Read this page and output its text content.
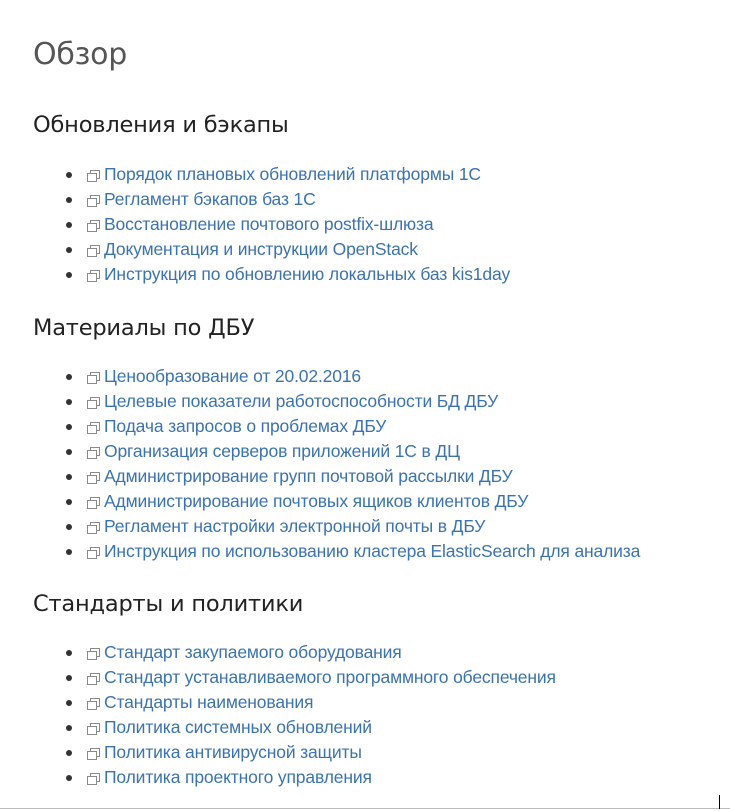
Обзор
Обновления и бэкапы
Порядок плановых обновлений платформы 1С
Регламент бэкапов баз 1С
Восстановление почтового postfix-шлюза
Документация и инструкции OpenStack
Инструкция по обновлению локальных баз kis1day
Материалы по ДБУ
Ценообразование от 20.02.2016
Целевые показатели работоспособности БД ДБУ
Подача запросов о проблемах ДБУ
Организация серверов приложений 1С в ДЦ
Администрирование групп почтовой рассылки ДБУ
Администрирование почтовых ящиков клиентов ДБУ
Регламент настройки электронной почты в ДБУ
Инструкция по использованию кластера ElasticSearch для анализа
Стандарты и политики
Стандарт закупаемого оборудования
Стандарт устанавливаемого программного обеспечения
Стандарты наименования
Политика системных обновлений
Политика антивирусной защиты
Политика проектного управления
